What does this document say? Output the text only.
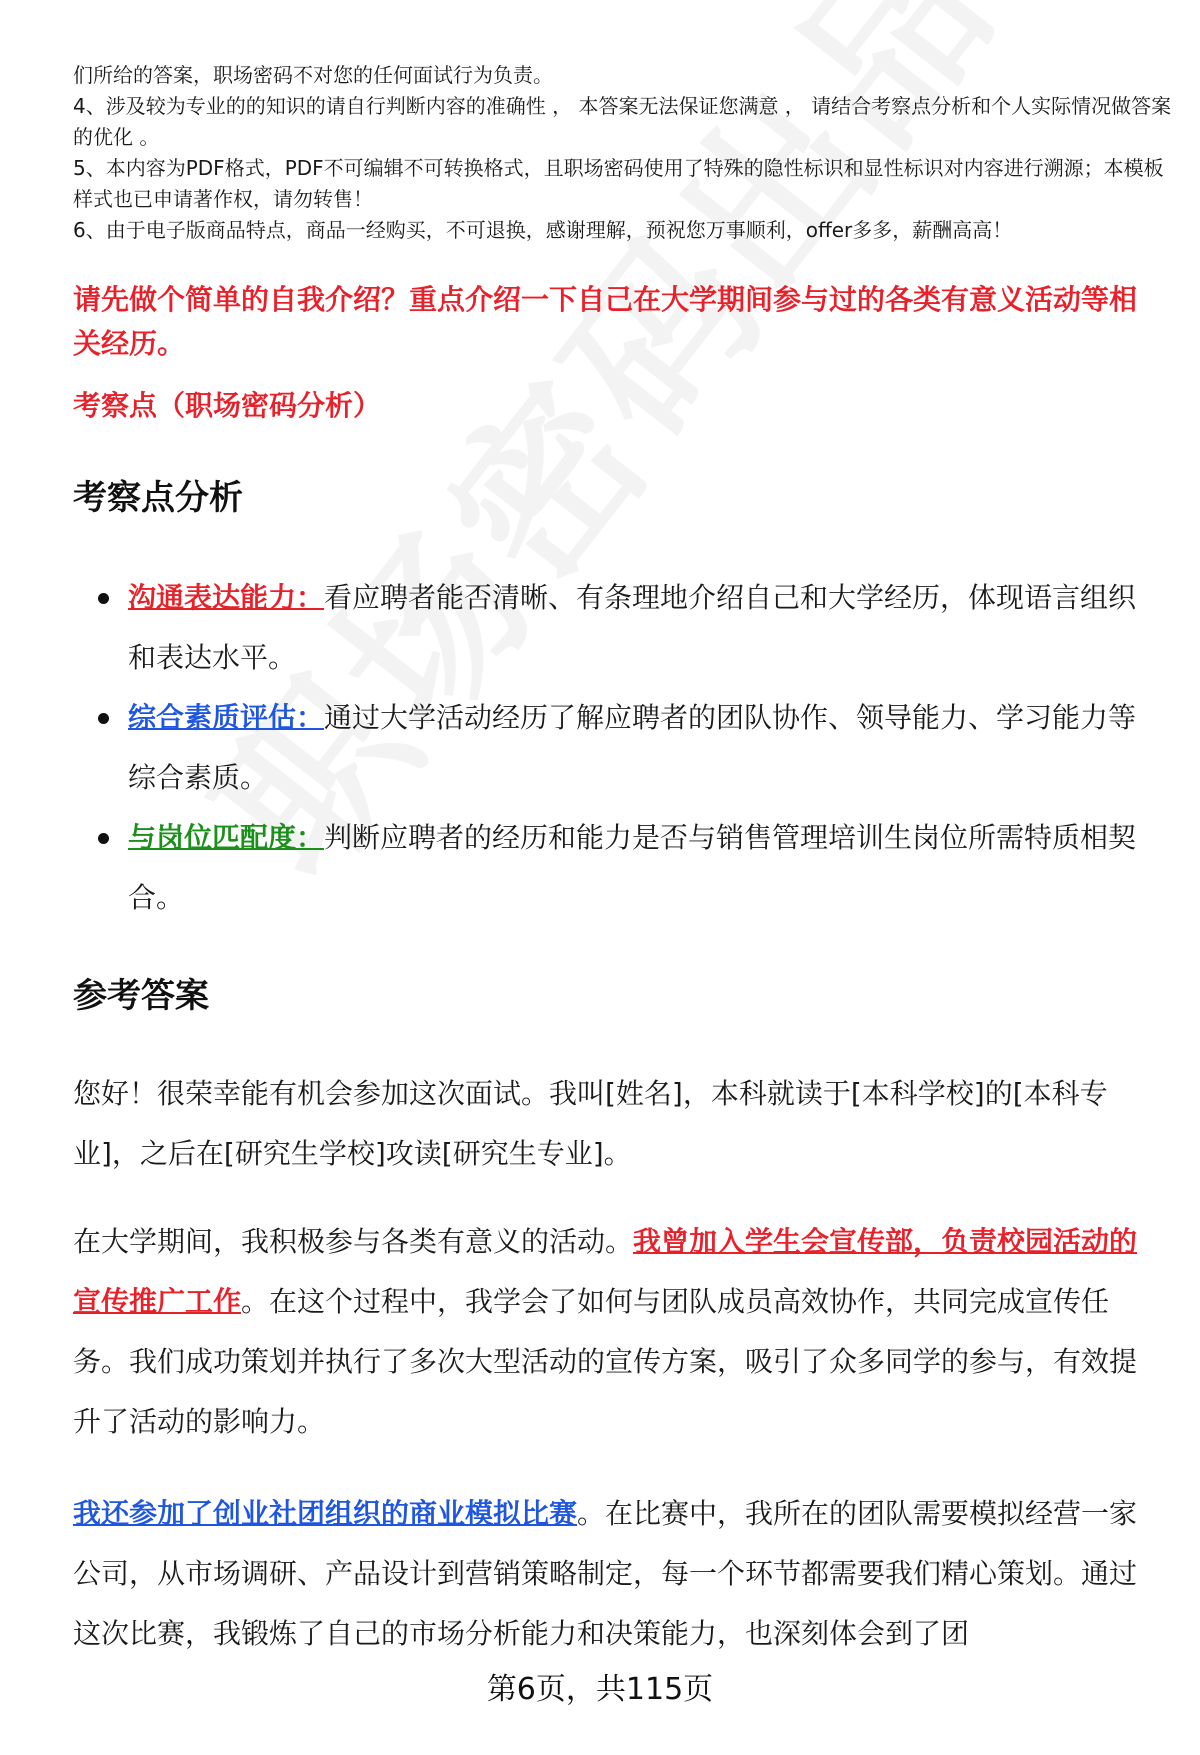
们所给的答案，职场密码不对您的任何面试行为负责。

4、涉及较为专业的的知识的请自行判断内容的准确性 ， 本答案无法保证您满意 ， 请结合考察点分析和个人实际情况做答案的优化 。

5、本内容为PDF格式，PDF不可编辑不可转换格式，且职场密码使用了特殊的隐性标识和显性标识对内容进行溯源；本模板样式也已申请著作权，请勿转售！

6、由于电子版商品特点，商品一经购买，不可退换，感谢理解，预祝您万事顺利，offer多多，薪酬高高！

请先做个简单的自我介绍？重点介绍一下自己在大学期间参与过的各类有意义活动等相关经历。

考察点（职场密码分析）

考察点分析
沟通表达能力：看应聘者能否清晰、有条理地介绍自己和大学经历，体现语言组织和表达水平。
综合素质评估：通过大学活动经历了解应聘者的团队协作、领导能力、学习能力等综合素质。
与岗位匹配度：判断应聘者的经历和能力是否与销售管理培训生岗位所需特质相契合。
参考答案

您好！很荣幸能有机会参加这次面试。我叫[姓名]，本科就读于[本科学校]的[本科专业]，之后在[研究生学校]攻读[研究生专业]。

在大学期间，我积极参与各类有意义的活动。我曾加入学生会宣传部，负责校园活动的宣传推广工作。在这个过程中，我学会了如何与团队成员高效协作，共同完成宣传任务。我们成功策划并执行了多次大型活动的宣传方案，吸引了众多同学的参与，有效提升了活动的影响力。

我还参加了创业社团组织的商业模拟比赛。在比赛中，我所在的团队需要模拟经营一家公司，从市场调研、产品设计到营销策略制定，每一个环节都需要我们精心策划。通过这次比赛，我锻炼了自己的市场分析能力和决策能力，也深刻体会到了团

第6页，共115页
